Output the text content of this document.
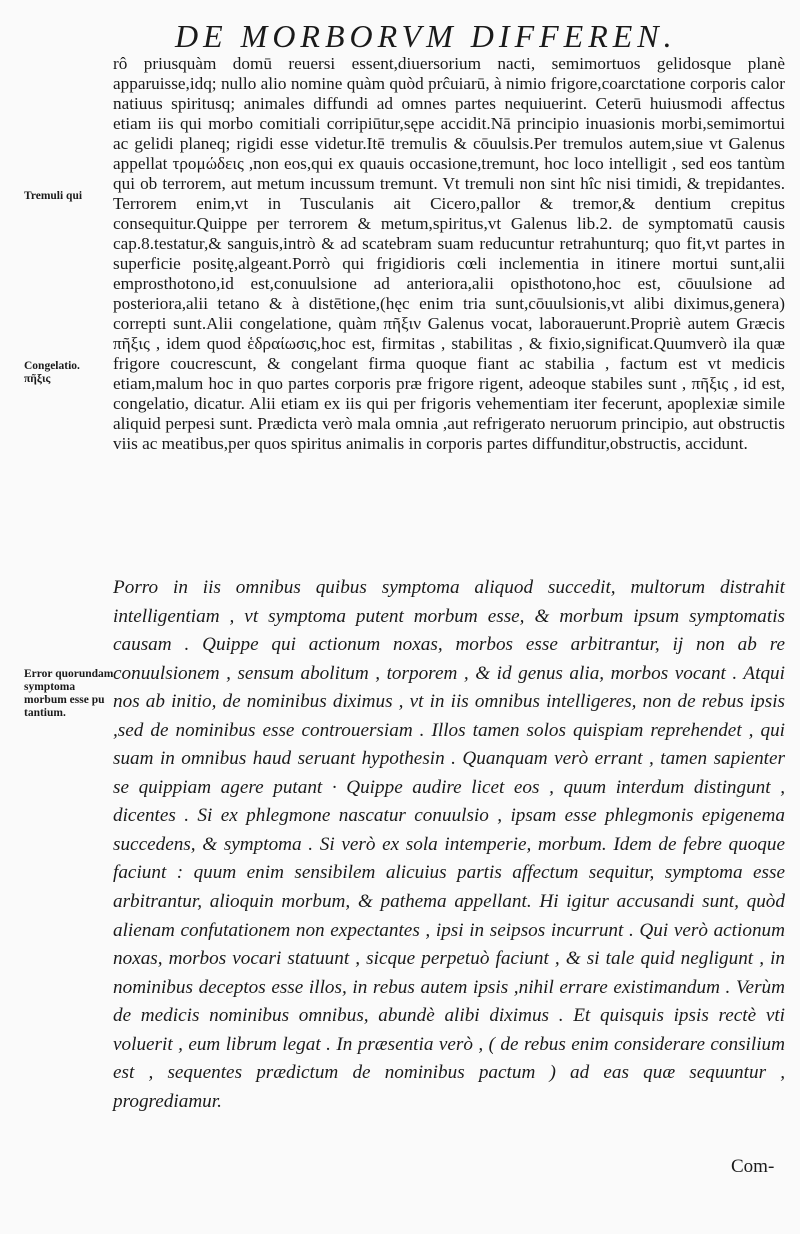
DE MORBORVM DIFFEREN.
Tremuli qui
Congelatio.
πῆξις
Error quorundam symptoma morbum esse pu tantium.
rô priusquàm domū reuersi essent,diuersorium nacti, semimortuos gelidosque planè apparuisse,idq; nullo alio nomine quàm quòd prĉuiarū, à nimio frigore,coarctatione corporis calor natiuus spiritusq; animales diffundi ad omnes partes nequiuerint. Ceterū huiusmodi affectus etiam iis qui morbo comitiali corripiūtur,sępe accidit.Nā principio inuasionis morbi,semimortui ac gelidi planeq; rigidi esse videtur.Itē tremulis & cōuulsis.Per tremulos autem,siue vt Galenus appellat τρομώδεις ,non eos,qui ex quauis occasione,tremunt, hoc loco intelligit , sed eos tantùm qui ob terrorem, aut metum incussum tremunt. Vt tremuli non sint hîc nisi timidi, & trepidantes. Terrorem enim,vt in Tusculanis ait Cicero,pallor & tremor,& dentium crepitus consequitur.Quippe per terrorem & metum,spiritus,vt Galenus lib.2. de symptomatū causis cap.8.testatur,& sanguis,intrò & ad scatebram suam reducuntur retrahunturq; quo fit,vt partes in superficie positę,algeant.Porrò qui frigidioris cœli inclementia in itinere mortui sunt,alii emprosthotono,id est,conuulsione ad anteriora,alii opisthotono,hoc est, cōuulsione ad posteriora,alii tetano & à distētione,(hęc enim tria sunt,cōuulsionis,vt alibi diximus,genera) correpti sunt.Alii congelatione, quàm πῆξιν Galenus vocat, laborauerunt.Propriè autem Græcis πῆξις , idem quod ἑδραίωσις,hoc est, firmitas , stabilitas , & fixio,significat.Quumverò ila quæ frigore coucrescunt, & congelant firma quoque fiant ac stabilia , factum est vt medicis etiam,malum hoc in quo partes corporis præ frigore rigent, adeoque stabiles sunt , πῆξις , id est, congelatio, dicatur. Alii etiam ex iis qui per frigoris vehementiam iter fecerunt, apoplexiæ simile aliquid perpesi sunt. Prædicta verò mala omnia ,aut refrigerato neruorum principio, aut obstructis viis ac meatibus,per quos spiritus animalis in corporis partes diffunditur,obstructis, accidunt.
Porro in iis omnibus quibus symptoma aliquod succedit, multorum distrahit intelligentiam , vt symptoma putent morbum esse, & morbum ipsum symptomatis causam . Quippe qui actionum noxas, morbos esse arbitrantur, ij non ab re conuulsionem , sensum abolitum , torporem , & id genus alia, morbos vocant . Atqui nos ab initio, de nominibus diximus , vt in iis omnibus intelligeres, non de rebus ipsis ,sed de nominibus esse controuersiam . Illos tamen solos quispiam reprehendet , qui suam in omnibus haud seruant hypothesin . Quanquam verò errant , tamen sapienter se quippiam agere putant · Quippe audire licet eos , quum interdum distingunt , dicentes . Si ex phlegmone nascatur conuulsio , ipsam esse phlegmonis epigenema succedens, & symptoma . Si verò ex sola intemperie, morbum. Idem de febre quoque faciunt : quum enim sensibilem alicuius partis affectum sequitur, symptoma esse arbitrantur, alioquin morbum, & pathema appellant. Hi igitur accusandi sunt, quòd alienam confutationem non expectantes , ipsi in seipsos incurrunt . Qui verò actionum noxas, morbos vocari statuunt , sicque perpetuò faciunt , & si tale quid negligunt , in nominibus deceptos esse illos, in rebus autem ipsis ,nihil errare existimandum . Verùm de medicis nominibus omnibus, abundè alibi diximus . Et quisquis ipsis rectè vti voluerit , eum librum legat . In præsentia verò , ( de rebus enim considerare consilium est , sequentes prædictum de nominibus pactum ) ad eas quæ sequuntur , progrediamur.
Com-
